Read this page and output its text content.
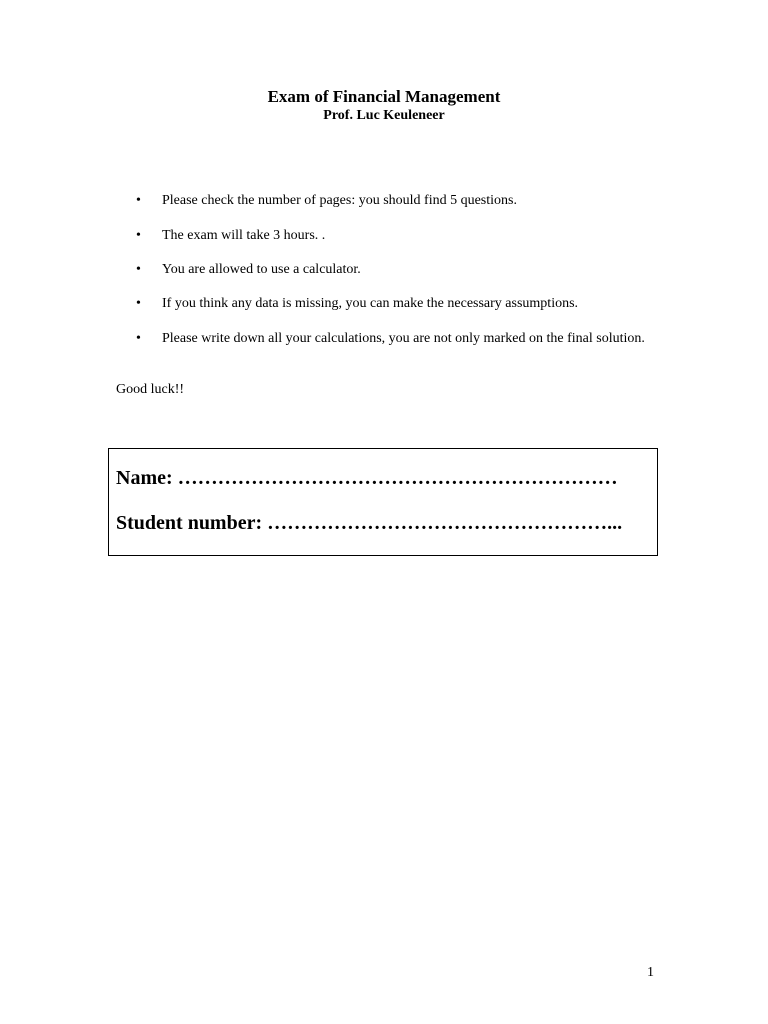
Exam of Financial Management
Prof. Luc Keuleneer
• Please check the number of pages: you should find 5 questions.
• The exam will take 3 hours. .
• You are allowed to use a calculator.
• If you think any data is missing, you can make the necessary assumptions.
• Please write down all your calculations, you are not only marked on the final solution.
Good luck!!
Name: …………………………………………………………
Student number: ……………………………………………...
1
